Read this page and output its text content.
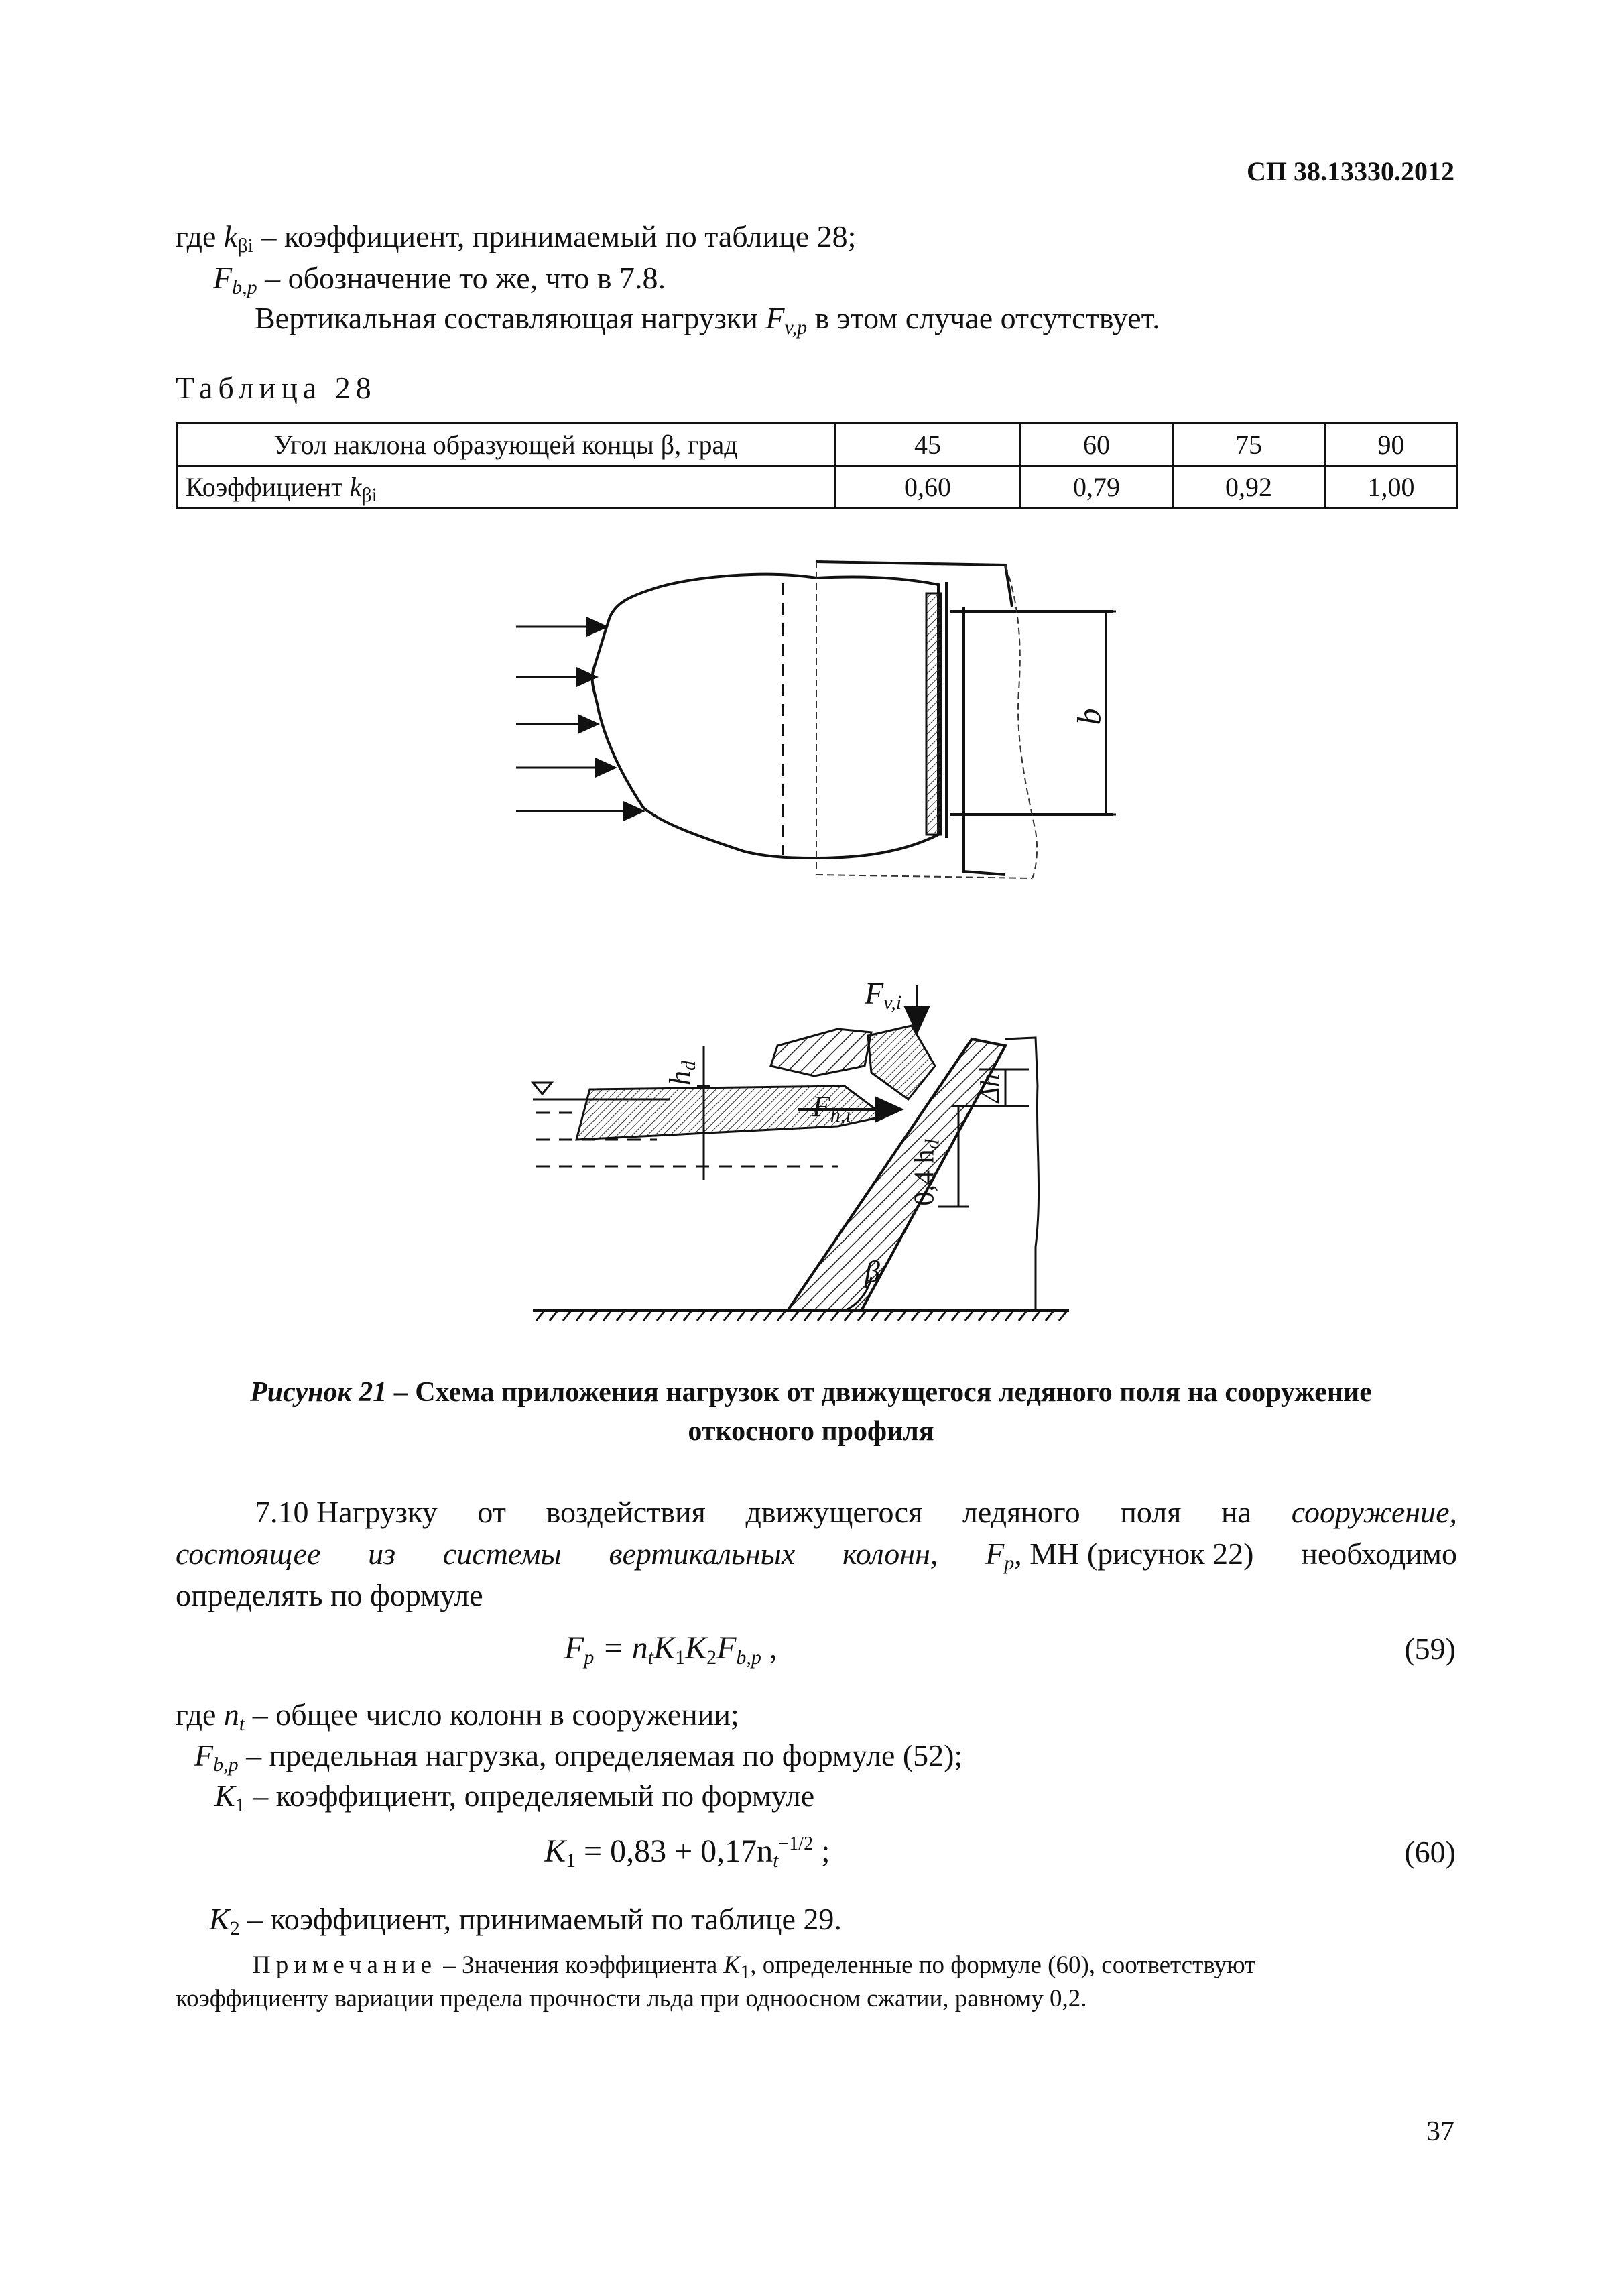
СП 38.13330.2012
где $k_{\beta i}$ – коэффициент, принимаемый по таблице 28;
$F_{b,p}$ – обозначение то же, что в 7.8.
Вертикальная составляющая нагрузки $F_{v,p}$ в этом случае отсутствует.
Таблица 28
Угол наклона образующей концы β, град	45	60	75	90
Коэффициент $k_{\beta i}$	0,60	0,79	0,92	1,00
b
$F_{v,i}$
$F_{h,i}$
$h_d$
Δh
0,4 $h_d$
β
Рисунок 21 – Схема приложения нагрузок от движущегося ледяного поля на сооружение
откосного профиля
7.10 Нагрузку от воздействия движущегося ледяного поля на сооружение,
состоящее из системы вертикальных колонн, $F_p$, МН (рисунок 22) необходимо
определять по формуле
$F_p = n_tK_1K_2F_{b,p}$ ,	(59)
где $n_t$ – общее число колонн в сооружении;
$F_{b,p}$ – предельная нагрузка, определяемая по формуле (52);
$K_1$ – коэффициент, определяемый по формуле
$K_1 = 0,83 + 0,17n_t^{-1/2}$ ;	(60)
$K_2$ – коэффициент, принимаемый по таблице 29.
Примечание – Значения коэффициента $K_1$, определенные по формуле (60), соответствуют
коэффициенту вариации предела прочности льда при одноосном сжатии, равному 0,2.
37
